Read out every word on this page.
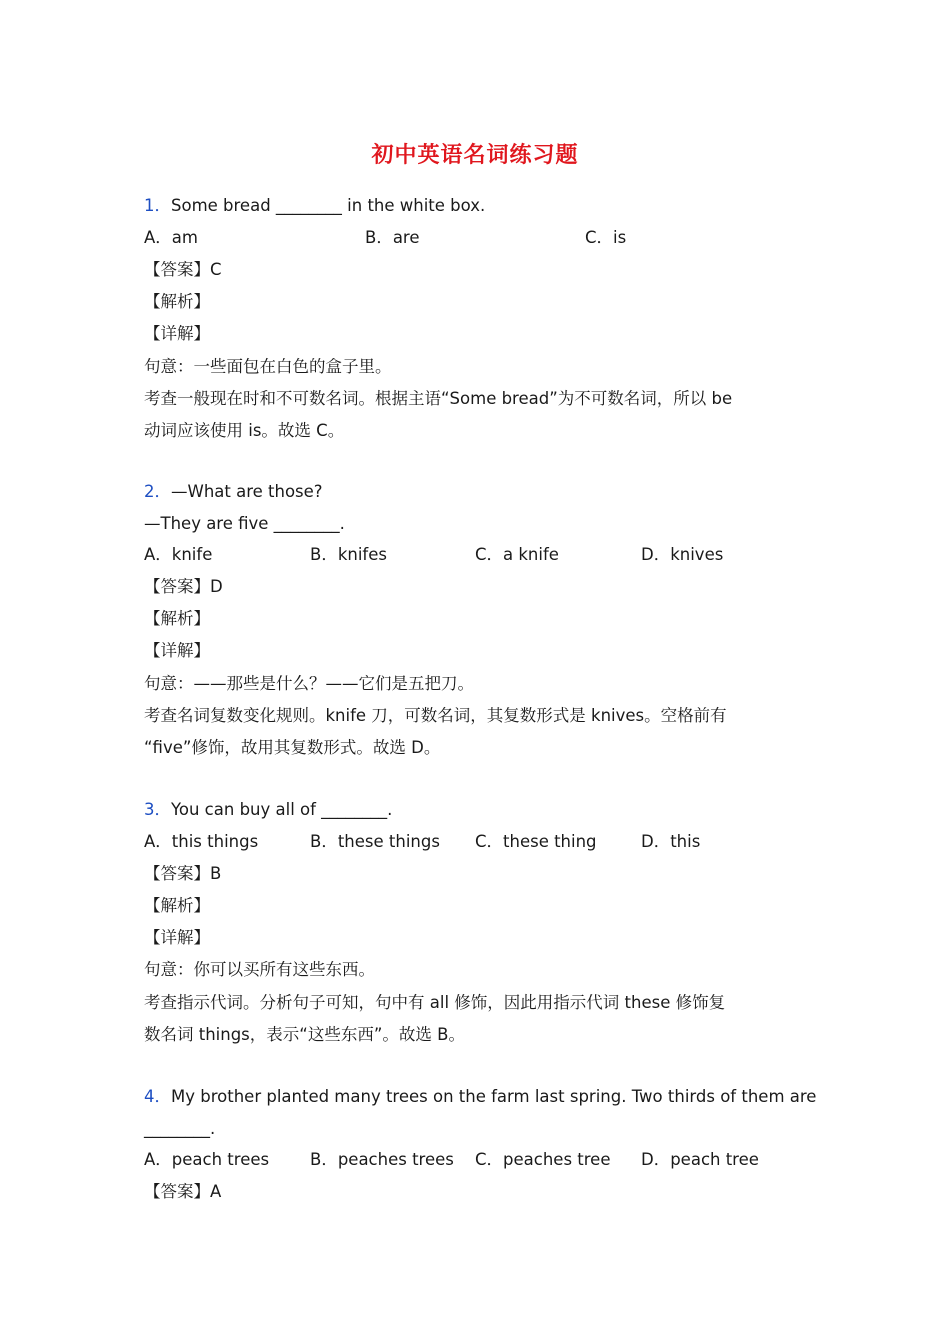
初中英语名词练习题
1．Some bread ________ in the white box.
A．am	B．are	C．is
【答案】C
【解析】
【详解】
句意：一些面包在白色的盒子里。
考查一般现在时和不可数名词。根据主语“Some bread”为不可数名词，所以 be
动词应该使用 is。故选 C。
2．—What are those?
—They are five ________.
A．knife	B．knifes	C．a knife	D．knives
【答案】D
【解析】
【详解】
句意：——那些是什么？——它们是五把刀。
考查名词复数变化规则。knife 刀，可数名词，其复数形式是 knives。空格前有
“five”修饰，故用其复数形式。故选 D。
3．You can buy all of ________.
A．this things	B．these things C．these thing	D．this
【答案】B
【解析】
【详解】
句意：你可以买所有这些东西。
考查指示代词。分析句子可知，句中有 all 修饰，因此用指示代词 these 修饰复
数名词 things，表示“这些东西”。故选 B。
4．My brother planted many trees on the farm last spring. Two thirds of them are
________.
A．peach trees B．peaches trees C．peaches tree D．peach tree
【答案】A
